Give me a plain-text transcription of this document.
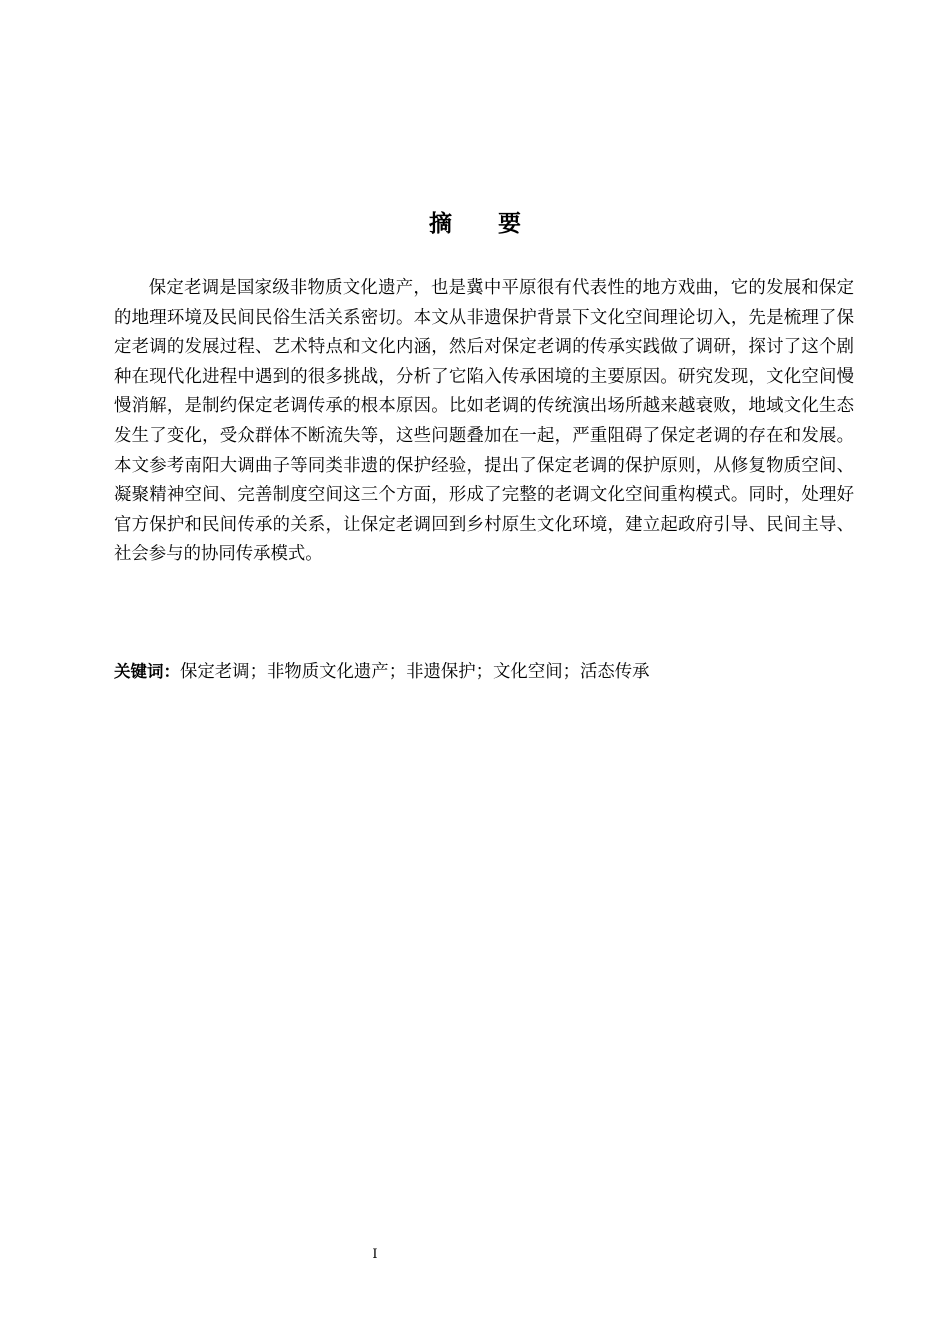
摘 要

保定老调是国家级非物质文化遗产，也是冀中平原很有代表性的地方戏曲，它的发展和保定的地理环境及民间民俗生活关系密切。本文从非遗保护背景下文化空间理论切入，先是梳理了保定老调的发展过程、艺术特点和文化内涵，然后对保定老调的传承实践做了调研，探讨了这个剧种在现代化进程中遇到的很多挑战，分析了它陷入传承困境的主要原因。研究发现，文化空间慢慢消解，是制约保定老调传承的根本原因。比如老调的传统演出场所越来越衰败，地域文化生态发生了变化，受众群体不断流失等，这些问题叠加在一起，严重阻碍了保定老调的存在和发展。本文参考南阳大调曲子等同类非遗的保护经验，提出了保定老调的保护原则，从修复物质空间、凝聚精神空间、完善制度空间这三个方面，形成了完整的老调文化空间重构模式。同时，处理好官方保护和民间传承的关系，让保定老调回到乡村原生文化环境，建立起政府引导、民间主导、社会参与的协同传承模式。

关键词：保定老调；非物质文化遗产；非遗保护；文化空间；活态传承
I
